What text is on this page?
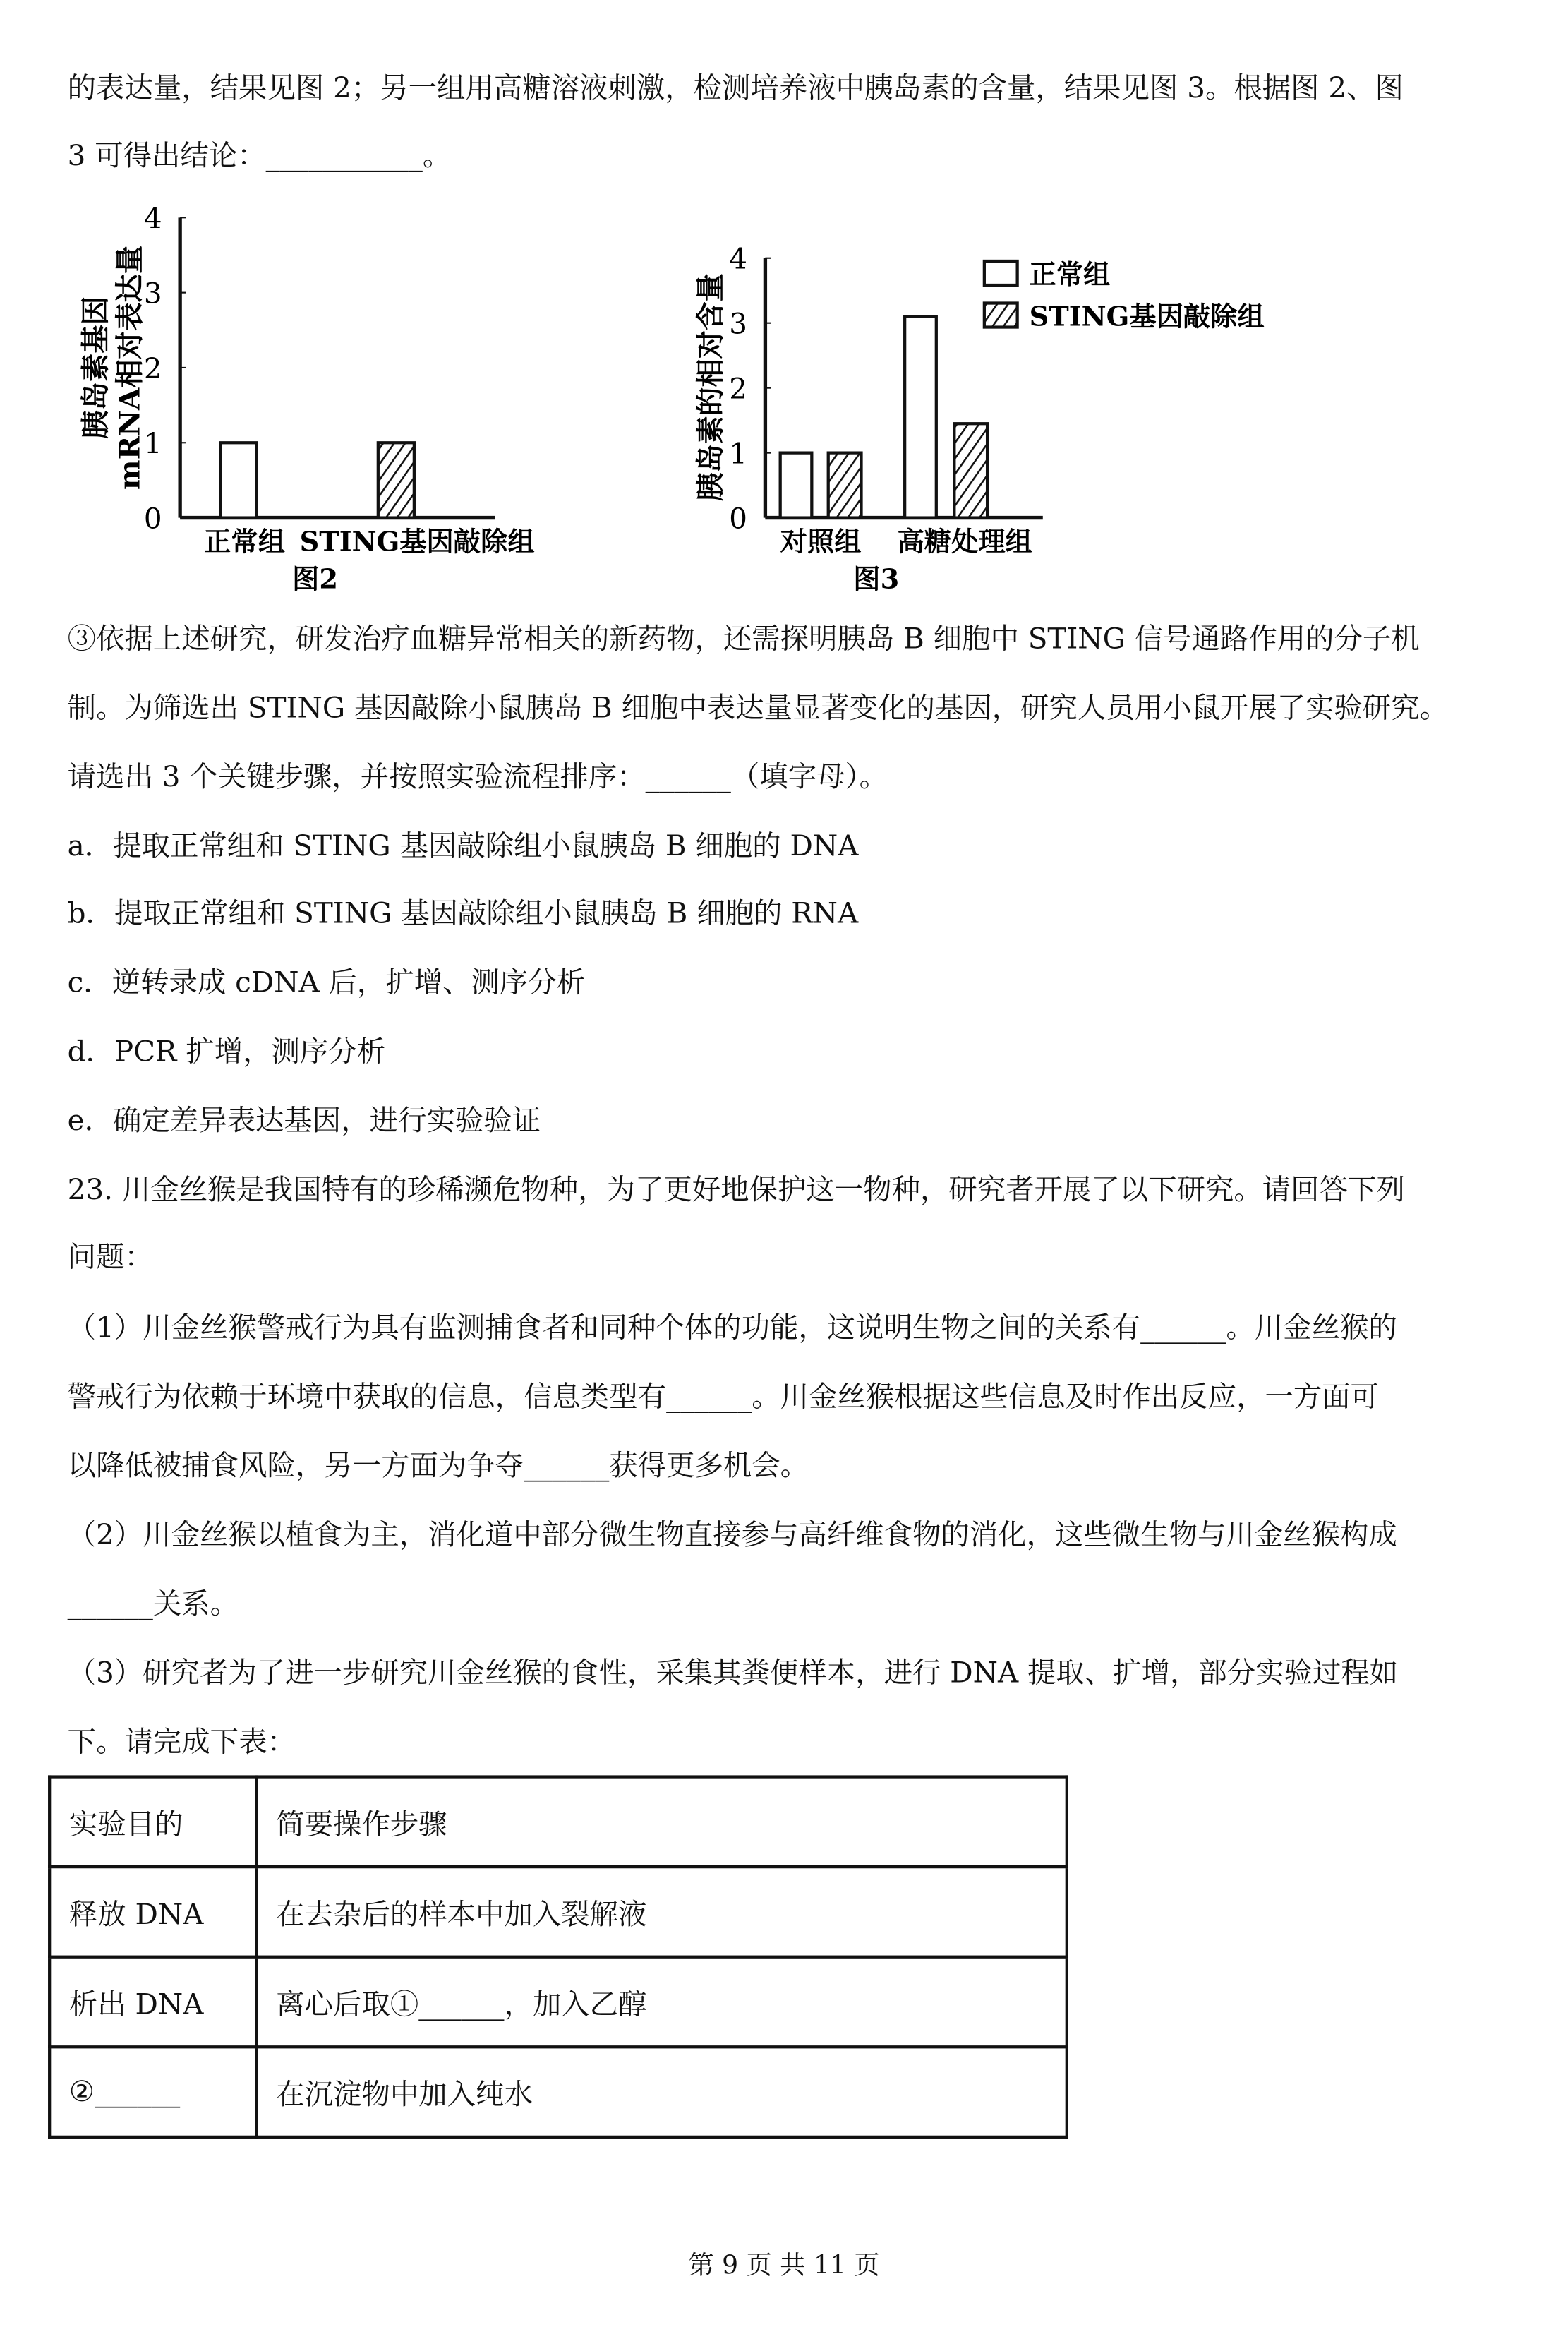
的表达量，结果见图 2；另一组用高糖溶液刺激，检测培养液中胰岛素的含量，结果见图 3。根据图 2、图
3 可得出结论：___________。
③依据上述研究，研发治疗血糖异常相关的新药物，还需探明胰岛 B 细胞中 STING 信号通路作用的分子机
制。为筛选出 STING 基因敲除小鼠胰岛 B 细胞中表达量显著变化的基因，研究人员用小鼠开展了实验研究。
请选出 3 个关键步骤，并按照实验流程排序：______（填字母）。
a．提取正常组和 STING 基因敲除组小鼠胰岛 B 细胞的 DNA
b．提取正常组和 STING 基因敲除组小鼠胰岛 B 细胞的 RNA
c．逆转录成 cDNA 后，扩增、测序分析
d．PCR 扩增，测序分析
e．确定差异表达基因，进行实验验证
23. 川金丝猴是我国特有的珍稀濒危物种，为了更好地保护这一物种，研究者开展了以下研究。请回答下列
问题：
（1）川金丝猴警戒行为具有监测捕食者和同种个体的功能，这说明生物之间的关系有______。川金丝猴的
警戒行为依赖于环境中获取的信息，信息类型有______。川金丝猴根据这些信息及时作出反应，一方面可
以降低被捕食风险，另一方面为争夺______获得更多机会。
（2）川金丝猴以植食为主，消化道中部分微生物直接参与高纤维食物的消化，这些微生物与川金丝猴构成
______关系。
（3）研究者为了进一步研究川金丝猴的食性，采集其粪便样本，进行 DNA 提取、扩增，部分实验过程如
下。请完成下表：
0
1
2
3
4
正常组 STING基因敲除组
图2
胰岛素基因 mRNA相对表达量
0
1
2
3
4
对照组	高糖处理组
图3
胰岛素的相对含量	正常组
STING基因敲除组
实验目的	简要操作步骤
释放 DNA	在去杂后的样本中加入裂解液
析出 DNA	离心后取①______，加入乙醇
②______	在沉淀物中加入纯水
第 9 页 共 11 页
